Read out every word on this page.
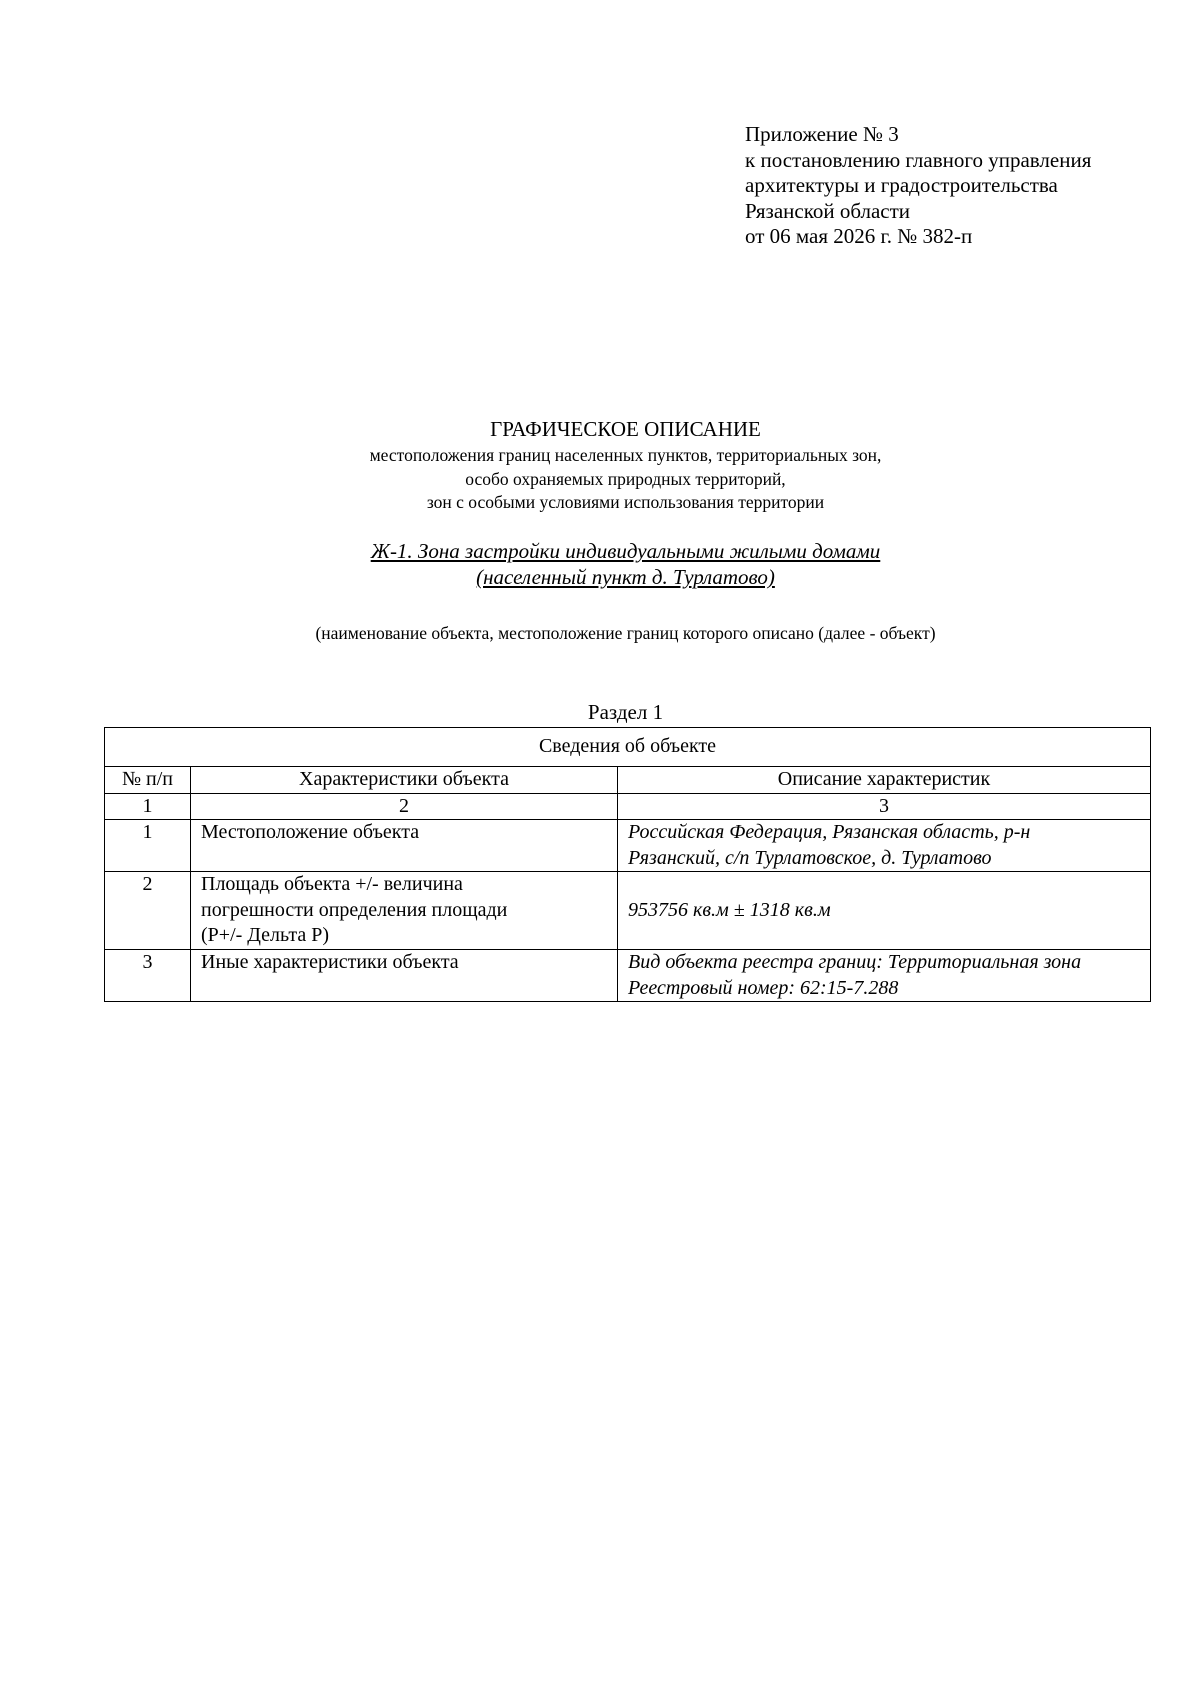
Приложение № 3
к постановлению главного управления
архитектуры и градостроительства
Рязанской области
от 06 мая 2026 г. № 382-п
ГРАФИЧЕСКОЕ ОПИСАНИЕ
местоположения границ населенных пунктов, территориальных зон,
особо охраняемых природных территорий,
зон с особыми условиями использования территории
Ж-1. Зона застройки индивидуальными жилыми домами
(населенный пункт д. Турлатово)
(наименование объекта, местоположение границ которого описано (далее - объект)
Раздел 1
Сведения об объекте		
№ п/п	Характеристики объекта	Описание характеристик
1	2	3
1	Местоположение объекта	Российская Федерация, Рязанская область, р-н
Рязанский, с/п Турлатовское, д. Турлатово

2	Площадь объекта +/- величина
погрешности определения площади
(Р+/- Дельта Р)	953756 кв.м ± 1318 кв.м

3	Иные характеристики объекта	Вид объекта реестра границ: Территориальная зона
Реестровый номер: 62:15-7.288
